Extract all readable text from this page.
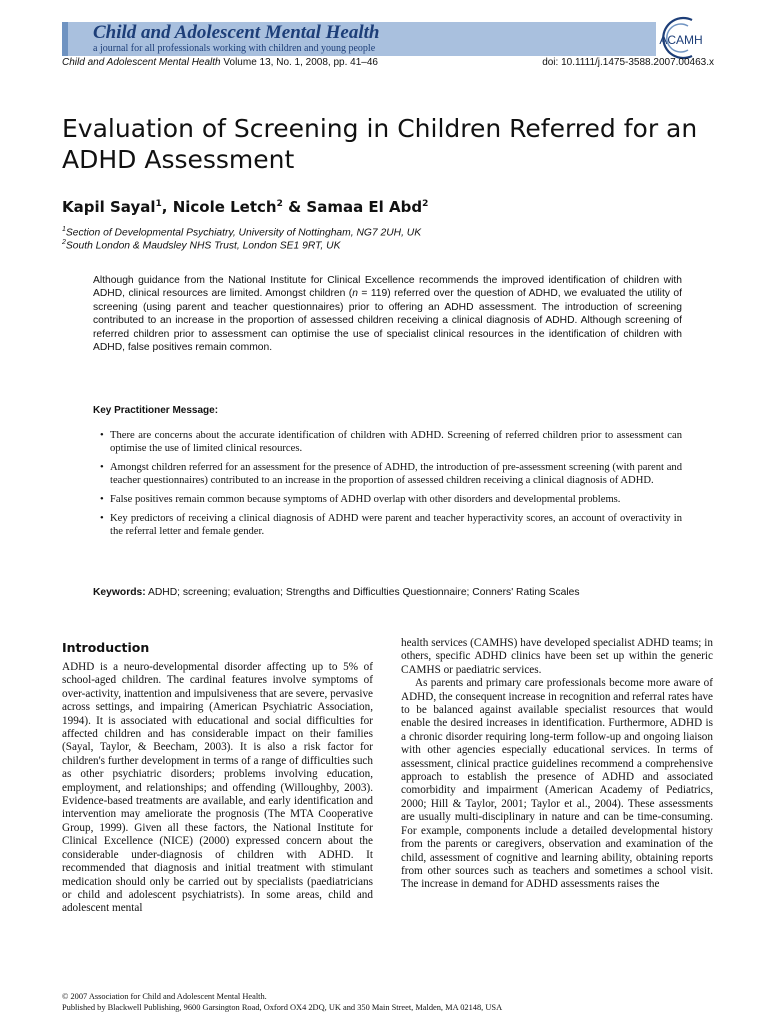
Child and Adolescent Mental Health
a journal for all professionals working with children and young people
ACAMH
Child and Adolescent Mental Health Volume 13, No. 1, 2008, pp. 41–46	doi: 10.1111/j.1475-3588.2007.00463.x
Evaluation of Screening in Children Referred for an ADHD Assessment
Kapil Sayal$^1$, Nicole Letch$^2$ & Samaa El Abd$^2$
$^1$Section of Developmental Psychiatry, University of Nottingham, NG7 2UH, UK
$^2$South London & Maudsley NHS Trust, London SE1 9RT, UK
Although guidance from the National Institute for Clinical Excellence recommends the improved identification of children with ADHD, clinical resources are limited. Amongst children (n = 119) referred over the question of ADHD, we evaluated the utility of screening (using parent and teacher questionnaires) prior to offering an ADHD assessment. The introduction of screening contributed to an increase in the proportion of assessed children receiving a clinical diagnosis of ADHD. Although screening of referred children prior to assessment can optimise the use of specialist clinical resources in the identification of children with ADHD, false positives remain common.
Key Practitioner Message:
• There are concerns about the accurate identification of children with ADHD. Screening of referred children prior to assessment can optimise the use of limited clinical resources.
• Amongst children referred for an assessment for the presence of ADHD, the introduction of pre-assessment screening (with parent and teacher questionnaires) contributed to an increase in the proportion of assessed children receiving a clinical diagnosis of ADHD.
• False positives remain common because symptoms of ADHD overlap with other disorders and developmental problems.
• Key predictors of receiving a clinical diagnosis of ADHD were parent and teacher hyperactivity scores, an account of overactivity in the referral letter and female gender.
Keywords: ADHD; screening; evaluation; Strengths and Difficulties Questionnaire; Conners' Rating Scales
Introduction

ADHD is a neuro-developmental disorder affecting up to 5% of school-aged children. The cardinal features involve symptoms of over-activity, inattention and impulsiveness that are severe, pervasive across settings, and impairing (American Psychiatric Association, 1994). It is associated with educational and social difficulties for affected children and has considerable impact on their families (Sayal, Taylor, & Beecham, 2003). It is also a risk factor for children's further development in terms of a range of difficulties such as other psychiatric disorders; problems involving education, employment, and relationships; and offending (Willoughby, 2003). Evidence-based treatments are available, and early identification and intervention may ameliorate the prognosis (The MTA Cooperative Group, 1999). Given all these factors, the National Institute for Clinical Excellence (NICE) (2000) expressed concern about the considerable under-diagnosis of children with ADHD. It recommended that diagnosis and initial treatment with stimulant medication should only be carried out by specialists (paediatricians or child and adolescent psychiatrists). In some areas, child and adolescent mental

health services (CAMHS) have developed specialist ADHD teams; in others, specific ADHD clinics have been set up within the generic CAMHS or paediatric services.

As parents and primary care professionals become more aware of ADHD, the consequent increase in recognition and referral rates have to be balanced against available specialist resources that would enable the desired increases in identification. Furthermore, ADHD is a chronic disorder requiring long-term follow-up and ongoing liaison with other agencies especially educational services. In terms of assessment, clinical practice guidelines recommend a comprehensive approach to establish the presence of ADHD and associated comorbidity and impairment (American Academy of Pediatrics, 2000; Hill & Taylor, 2001; Taylor et al., 2004). These assessments are usually multi-disciplinary in nature and can be time-consuming. For example, components include a detailed developmental history from the parents or caregivers, observation and examination of the child, assessment of cognitive and learning ability, obtaining reports from other sources such as teachers and sometimes a school visit. The increase in demand for ADHD assessments raises the

© 2007 Association for Child and Adolescent Mental Health.
Published by Blackwell Publishing, 9600 Garsington Road, Oxford OX4 2DQ, UK and 350 Main Street, Malden, MA 02148, USA
